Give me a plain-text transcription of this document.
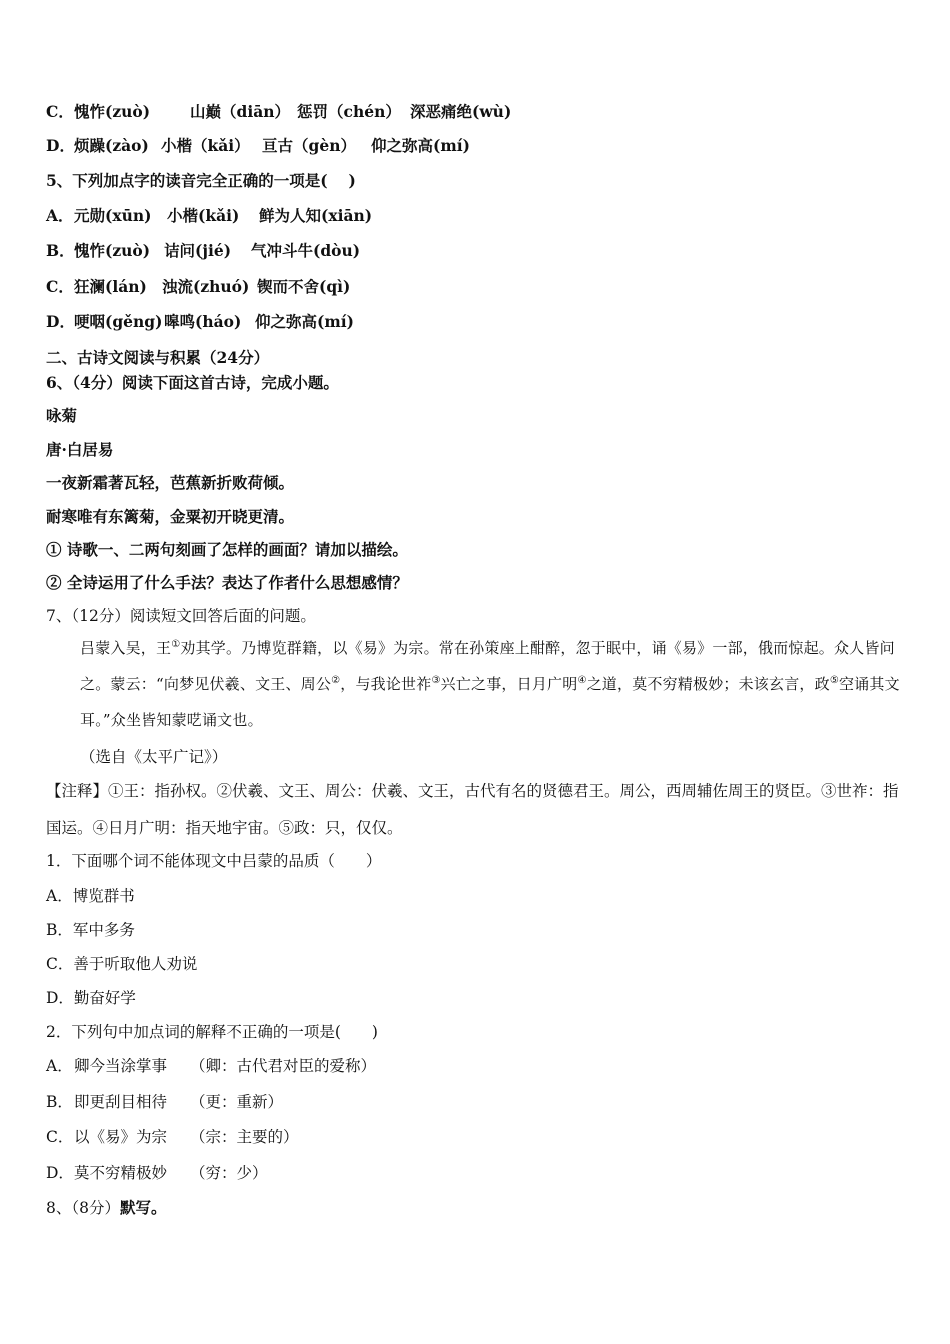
C．愧怍(zuò)	山巅（diān） 惩罚（chén） 深恶痛绝(wù)
D．烦躁(zào) 小楷（kǎi） 亘古（gèn） 仰之弥高(mí)
5、下列加点字的读音完全正确的一项是(　 )
A．元勋(xūn) 小楷(kǎi) 鲜为人知(xiān)
B．愧怍(zuò) 诘问(jié) 气冲斗牛(dòu)
C．狂澜(lán) 浊流(zhuó) 锲而不舍(qì)
D．哽咽(gěng)嗥鸣(háo) 仰之弥高(mí)
二、古诗文阅读与积累（24分）
6、（4分）阅读下面这首古诗，完成小题。
咏菊
唐·白居易
一夜新霜著瓦轻，芭蕉新折败荷倾。
耐寒唯有东篱菊，金粟初开晓更清。
① 诗歌一、二两句刻画了怎样的画面？请加以描绘。
② 全诗运用了什么手法？表达了作者什么思想感情？
7、（12分）阅读短文回答后面的问题。
吕蒙入吴，王①劝其学。乃博览群籍，以《易》为宗。常在孙策座上酣醉，忽于眠中，诵《易》一部，俄而惊起。众人皆问之。蒙云：“向梦见伏羲、文王、周公②，与我论世祚③兴亡之事，日月广明④之道，莫不穷精极妙；未该玄言，政⑤空诵其文耳。”众坐皆知蒙呓诵文也。
（选自《太平广记》）
【注释】①王：指孙权。②伏羲、文王、周公：伏羲、文王，古代有名的贤德君王。周公，西周辅佐周王的贤臣。③世祚：指国运。④日月广明：指天地宇宙。⑤政：只，仅仅。
1．下面哪个词不能体现文中吕蒙的品质（　　）
A．博览群书
B．军中多务
C．善于听取他人劝说
D．勤奋好学
2．下列句中加点词的解释不正确的一项是(　　)
A．卿今当涂掌事 （卿：古代君对臣的爱称）
B．即更刮目相待 （更：重新）
C．以《易》为宗 （宗：主要的）
D．莫不穷精极妙 （穷：少）
8、（8分）默写。
